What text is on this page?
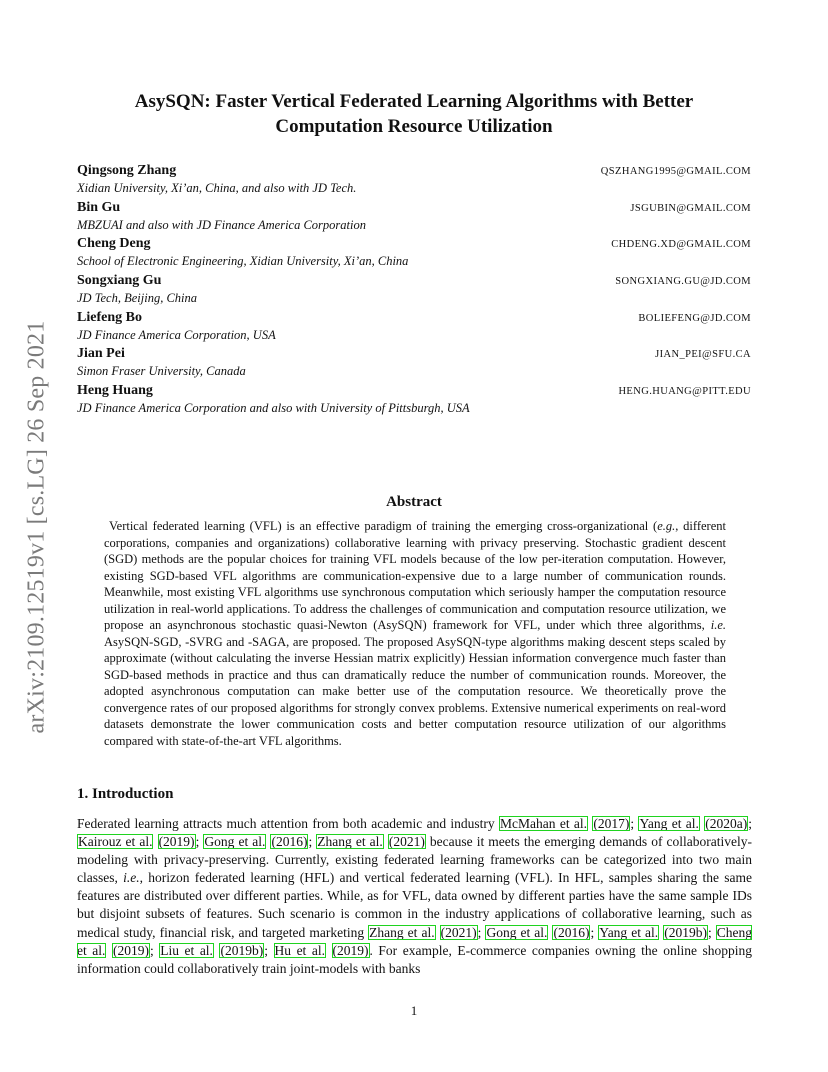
arXiv:2109.12519v1 [cs.LG] 26 Sep 2021
AsySQN: Faster Vertical Federated Learning Algorithms with Better
Computation Resource Utilization
Qingsong Zhang	QSZHANG1995@GMAIL.COM
Xidian University, Xi’an, China, and also with JD Tech.
Bin Gu	JSGUBIN@GMAIL.COM
MBZUAI and also with JD Finance America Corporation
Cheng Deng	CHDENG.XD@GMAIL.COM
School of Electronic Engineering, Xidian University, Xi’an, China
Songxiang Gu	SONGXIANG.GU@JD.COM
JD Tech, Beijing, China
Liefeng Bo	BOLIEFENG@JD.COM
JD Finance America Corporation, USA
Jian Pei	JIAN_PEI@SFU.CA
Simon Fraser University, Canada
Heng Huang	HENG.HUANG@PITT.EDU
JD Finance America Corporation and also with University of Pittsburgh, USA
Abstract
Vertical federated learning (VFL) is an effective paradigm of training the emerging cross-organizational (e.g., different corporations, companies and organizations) collaborative learning with privacy preserving. Stochastic gradient descent (SGD) methods are the popular choices for training VFL models because of the low per-iteration computation. However, existing SGD-based VFL algorithms are communication-expensive due to a large number of communication rounds. Meanwhile, most existing VFL algorithms use synchronous computation which seriously hamper the computation resource utilization in real-world applications. To address the challenges of communication and computation resource utilization, we propose an asynchronous stochastic quasi-Newton (AsySQN) framework for VFL, under which three algorithms, i.e. AsySQN-SGD, -SVRG and -SAGA, are proposed. The proposed AsySQN-type algorithms making descent steps scaled by approximate (without calculating the inverse Hessian matrix explicitly) Hessian information convergence much faster than SGD-based methods in practice and thus can dramatically reduce the number of communication rounds. Moreover, the adopted asynchronous computation can make better use of the computation resource. We theoretically prove the convergence rates of our proposed algorithms for strongly convex problems. Extensive numerical experiments on real-word datasets demonstrate the lower communication costs and better computation resource utilization of our algorithms compared with state-of-the-art VFL algorithms.
1. Introduction
Federated learning attracts much attention from both academic and industry McMahan et al. (2017); Yang et al. (2020a); Kairouz et al. (2019); Gong et al. (2016); Zhang et al. (2021) because it meets the emerging demands of collaboratively-modeling with privacy-preserving. Currently, existing federated learning frameworks can be categorized into two main classes, i.e., horizon federated learning (HFL) and vertical federated learning (VFL). In HFL, samples sharing the same features are distributed over different parties. While, as for VFL, data owned by different parties have the same sample IDs but disjoint subsets of features. Such scenario is common in the industry applications of collaborative learning, such as medical study, financial risk, and targeted marketing Zhang et al. (2021); Gong et al. (2016); Yang et al. (2019b); Cheng et al. (2019); Liu et al. (2019b); Hu et al. (2019). For example, E-commerce companies owning the online shopping information could collaboratively train joint-models with banks
1
